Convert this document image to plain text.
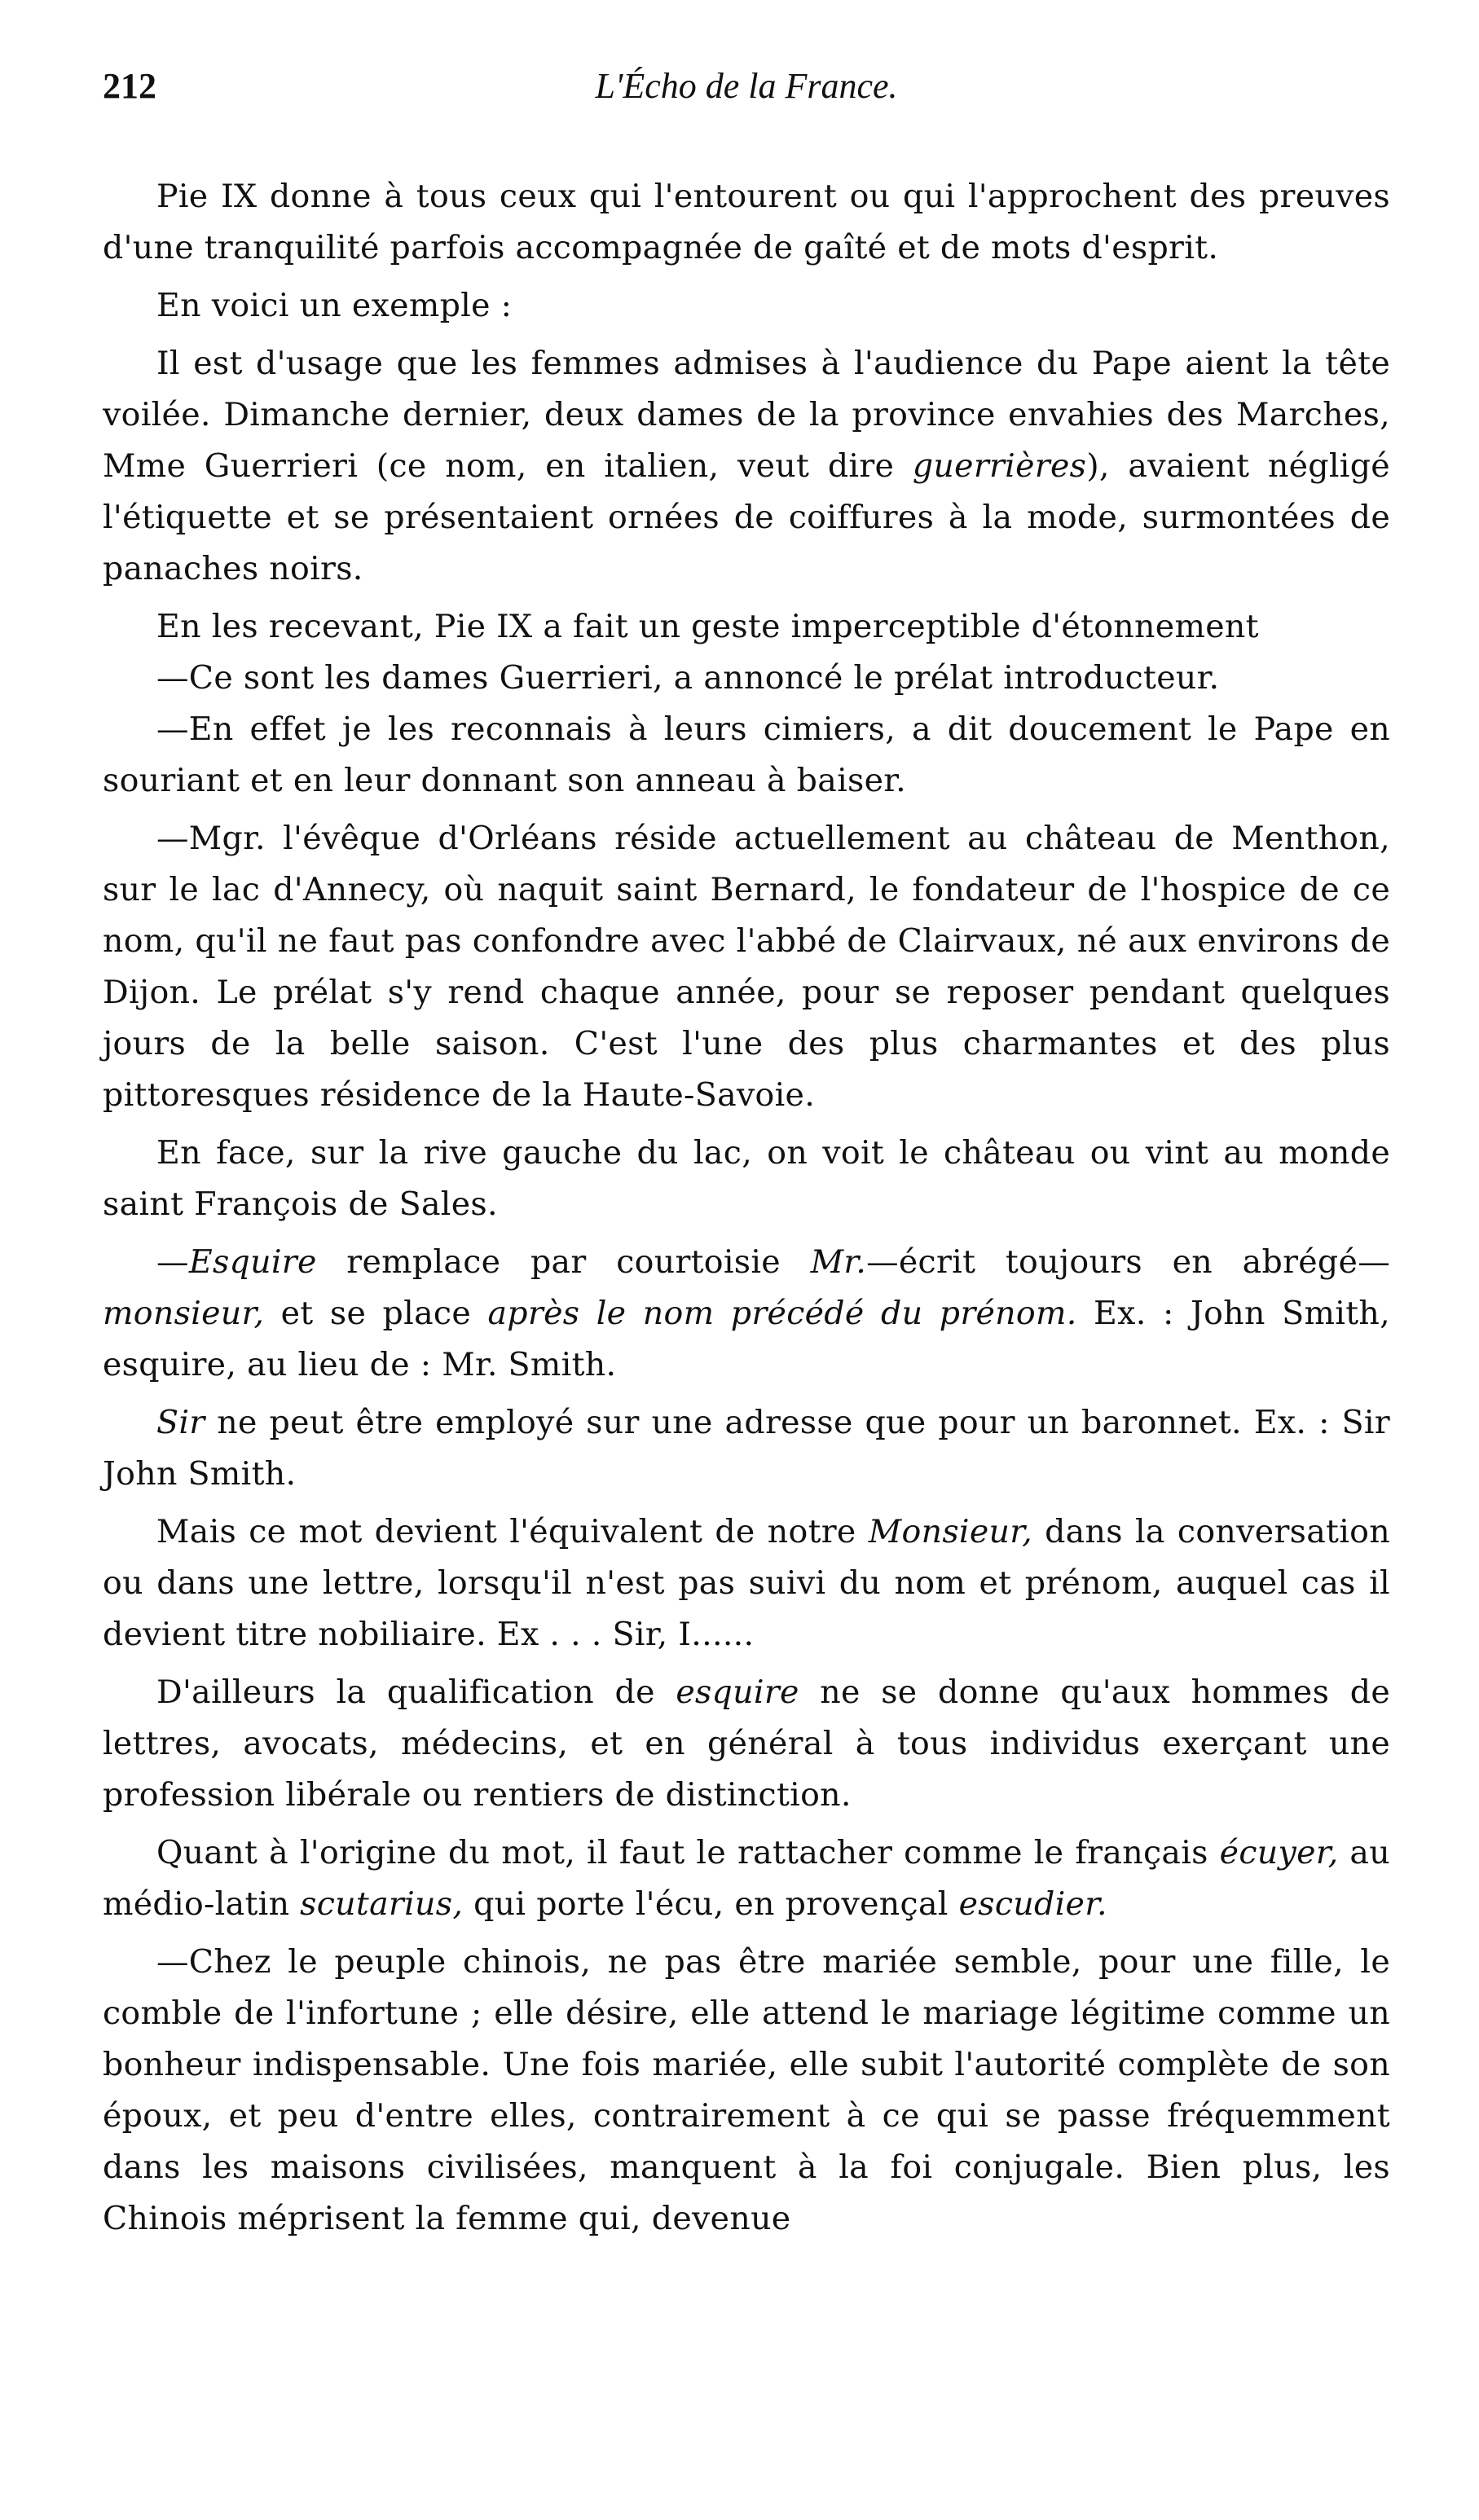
212	L'Écho de la France.

Pie IX donne à tous ceux qui l'entourent ou qui l'approchent des preuves d'une tranquilité parfois accompagnée de gaîté et de mots d'esprit.

En voici un exemple :

Il est d'usage que les femmes admises à l'audience du Pape aient la tête voilée. Dimanche dernier, deux dames de la province envahies des Marches, Mme Guerrieri (ce nom, en italien, veut dire guerrières), avaient négligé l'étiquette et se présentaient ornées de coiffures à la mode, surmontées de panaches noirs.

En les recevant, Pie IX a fait un geste imperceptible d'étonnement

—Ce sont les dames Guerrieri, a annoncé le prélat introducteur.

—En effet je les reconnais à leurs cimiers, a dit doucement le Pape en souriant et en leur donnant son anneau à baiser.

—Mgr. l'évêque d'Orléans réside actuellement au château de Menthon, sur le lac d'Annecy, où naquit saint Bernard, le fondateur de l'hospice de ce nom, qu'il ne faut pas confondre avec l'abbé de Clairvaux, né aux environs de Dijon. Le prélat s'y rend chaque année, pour se reposer pendant quelques jours de la belle saison. C'est l'une des plus charmantes et des plus pittoresques résidence de la Haute-Savoie.

En face, sur la rive gauche du lac, on voit le château ou vint au monde saint François de Sales.

—Esquire remplace par courtoisie Mr.—écrit toujours en abrégé—monsieur, et se place après le nom précédé du prénom. Ex. : John Smith, esquire, au lieu de : Mr. Smith.

Sir ne peut être employé sur une adresse que pour un baronnet. Ex. : Sir John Smith.

Mais ce mot devient l'équivalent de notre Monsieur, dans la conversation ou dans une lettre, lorsqu'il n'est pas suivi du nom et prénom, auquel cas il devient titre nobiliaire. Ex . . . Sir, I......

D'ailleurs la qualification de esquire ne se donne qu'aux hommes de lettres, avocats, médecins, et en général à tous individus exerçant une profession libérale ou rentiers de distinction.

Quant à l'origine du mot, il faut le rattacher comme le français écuyer, au médio-latin scutarius, qui porte l'écu, en provençal escudier.

—Chez le peuple chinois, ne pas être mariée semble, pour une fille, le comble de l'infortune ; elle désire, elle attend le mariage légitime comme un bonheur indispensable. Une fois mariée, elle subit l'autorité complète de son époux, et peu d'entre elles, contrairement à ce qui se passe fréquemment dans les maisons civilisées, manquent à la foi conjugale. Bien plus, les Chinois méprisent la femme qui, devenue
